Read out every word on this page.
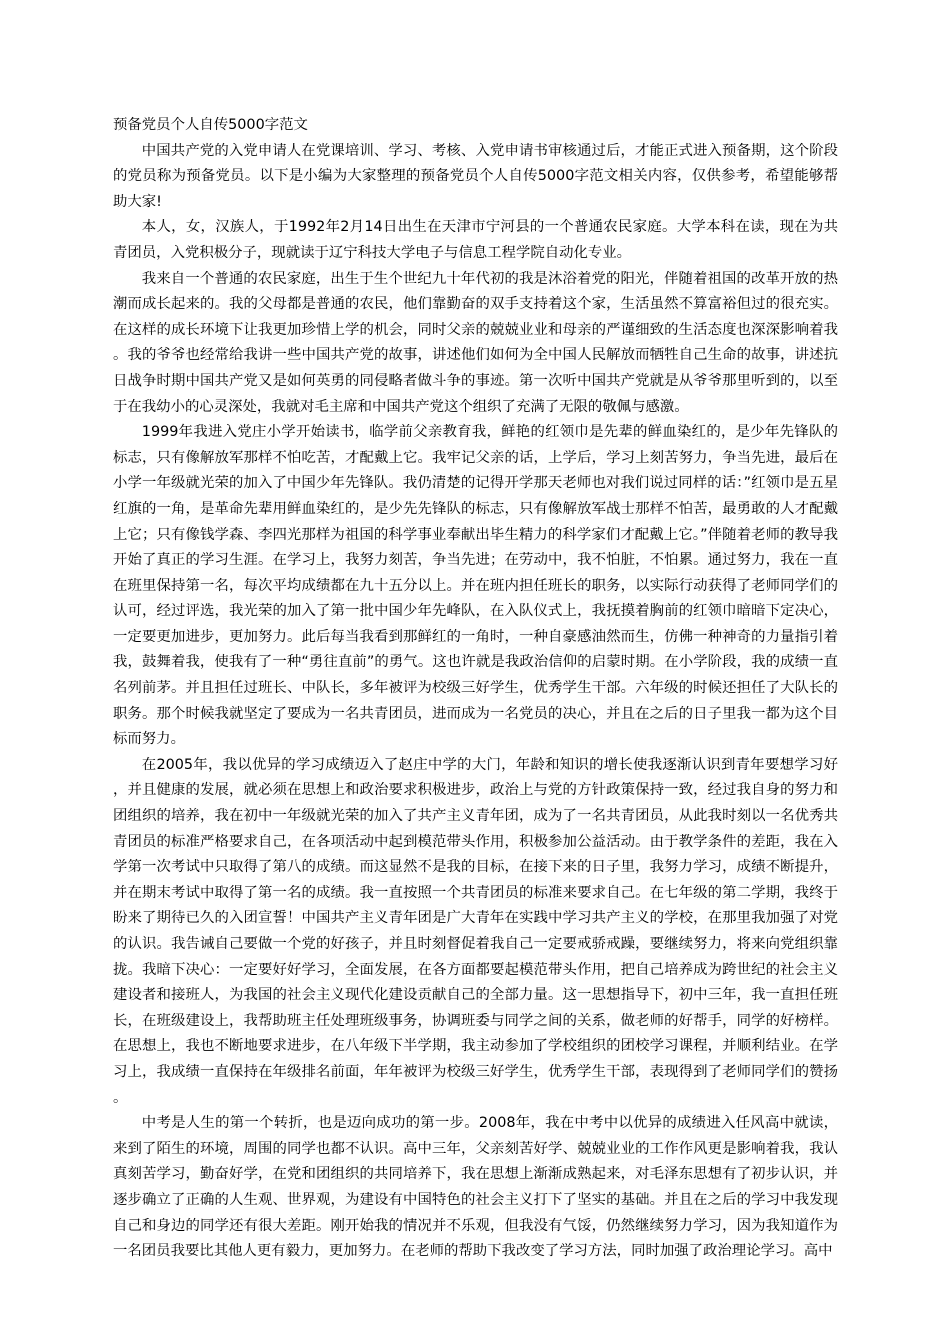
预备党员个人自传5000字范文

中国共产党的入党申请人在党课培训、学习、考核、入党申请书审核通过后，才能正式进入预备期，这个阶段的党员称为预备党员。以下是小编为大家整理的预备党员个人自传5000字范文相关内容，仅供参考，希望能够帮助大家!

本人，女，汉族人，于1992年2月14日出生在天津市宁河县的一个普通农民家庭。大学本科在读，现在为共青团员，入党积极分子，现就读于辽宁科技大学电子与信息工程学院自动化专业。

我来自一个普通的农民家庭，出生于生个世纪九十年代初的我是沐浴着党的阳光，伴随着祖国的改革开放的热潮而成长起来的。我的父母都是普通的农民，他们靠勤奋的双手支持着这个家，生活虽然不算富裕但过的很充实。在这样的成长环境下让我更加珍惜上学的机会，同时父亲的兢兢业业和母亲的严谨细致的生活态度也深深影响着我。我的爷爷也经常给我讲一些中国共产党的故事，讲述他们如何为全中国人民解放而牺牲自己生命的故事，讲述抗日战争时期中国共产党又是如何英勇的同侵略者做斗争的事迹。第一次听中国共产党就是从爷爷那里听到的，以至于在我幼小的心灵深处，我就对毛主席和中国共产党这个组织了充满了无限的敬佩与感激。

1999年我进入党庄小学开始读书，临学前父亲教育我，鲜艳的红领巾是先辈的鲜血染红的，是少年先锋队的标志，只有像解放军那样不怕吃苦，才配戴上它。我牢记父亲的话，上学后，学习上刻苦努力，争当先进，最后在小学一年级就光荣的加入了中国少年先锋队。我仍清楚的记得开学那天老师也对我们说过同样的话：”红领巾是五星红旗的一角，是革命先辈用鲜血染红的，是少先先锋队的标志，只有像解放军战士那样不怕苦，最勇敢的人才配戴上它；只有像钱学森、李四光那样为祖国的科学事业奉献出毕生精力的科学家们才配戴上它。”伴随着老师的教导我开始了真正的学习生涯。在学习上，我努力刻苦，争当先进；在劳动中，我不怕脏，不怕累。通过努力，我在一直在班里保持第一名，每次平均成绩都在九十五分以上。并在班内担任班长的职务，以实际行动获得了老师同学们的认可，经过评选，我光荣的加入了第一批中国少年先峰队，在入队仪式上，我抚摸着胸前的红领巾暗暗下定决心，一定要更加进步，更加努力。此后每当我看到那鲜红的一角时，一种自豪感油然而生，仿佛一种神奇的力量指引着我，鼓舞着我，使我有了一种“勇往直前”的勇气。这也许就是我政治信仰的启蒙时期。在小学阶段，我的成绩一直名列前茅。并且担任过班长、中队长，多年被评为校级三好学生，优秀学生干部。六年级的时候还担任了大队长的职务。那个时候我就坚定了要成为一名共青团员，进而成为一名党员的决心，并且在之后的日子里我一都为这个目标而努力。

在2005年，我以优异的学习成绩迈入了赵庄中学的大门，年龄和知识的增长使我逐渐认识到青年要想学习好，并且健康的发展，就必须在思想上和政治要求积极进步，政治上与党的方针政策保持一致，经过我自身的努力和团组织的培养，我在初中一年级就光荣的加入了共产主义青年团，成为了一名共青团员，从此我时刻以一名优秀共青团员的标准严格要求自己，在各项活动中起到模范带头作用，积极参加公益活动。由于教学条件的差距，我在入学第一次考试中只取得了第八的成绩。而这显然不是我的目标，在接下来的日子里，我努力学习，成绩不断提升，并在期末考试中取得了第一名的成绩。我一直按照一个共青团员的标准来要求自己。在七年级的第二学期，我终于盼来了期待已久的入团宣誓！中国共产主义青年团是广大青年在实践中学习共产主义的学校，在那里我加强了对党的认识。我告诫自己要做一个党的好孩子，并且时刻督促着我自己一定要戒骄戒躁，要继续努力，将来向党组织靠拢。我暗下决心：一定要好好学习，全面发展，在各方面都要起模范带头作用，把自己培养成为跨世纪的社会主义建设者和接班人，为我国的社会主义现代化建设贡献自己的全部力量。这一思想指导下，初中三年，我一直担任班长，在班级建设上，我帮助班主任处理班级事务，协调班委与同学之间的关系，做老师的好帮手，同学的好榜样。在思想上，我也不断地要求进步，在八年级下半学期，我主动参加了学校组织的团校学习课程，并顺利结业。在学习上，我成绩一直保持在年级排名前面，年年被评为校级三好学生，优秀学生干部，表现得到了老师同学们的赞扬。

中考是人生的第一个转折，也是迈向成功的第一步。2008年，我在中考中以优异的成绩进入任风高中就读，来到了陌生的环境，周围的同学也都不认识。高中三年，父亲刻苦好学、兢兢业业的工作作风更是影响着我，我认真刻苦学习，勤奋好学，在党和团组织的共同培养下，我在思想上渐渐成熟起来，对毛泽东思想有了初步认识，并逐步确立了正确的人生观、世界观，为建设有中国特色的社会主义打下了坚实的基础。并且在之后的学习中我发现自己和身边的同学还有很大差距。刚开始我的情况并不乐观，但我没有气馁，仍然继续努力学习，因为我知道作为一名团员我要比其他人更有毅力，更加努力。在老师的帮助下我改变了学习方法，同时加强了政治理论学习。高中
